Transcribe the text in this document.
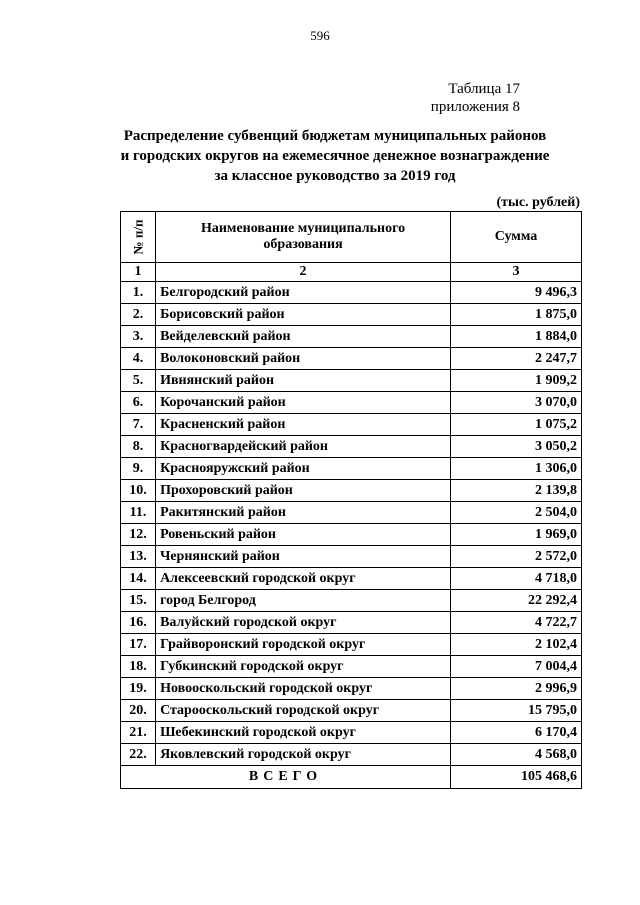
596
Таблица 17
приложения 8
Распределение субвенций бюджетам муниципальных районов
и городских округов на ежемесячное денежное вознаграждение
за классное руководство за 2019 год
(тыс. рублей)
№ п/п	Наименование муниципального образования	Сумма
1	2	3
1.	Белгородский район	9 496,3
2.	Борисовский район	1 875,0
3.	Вейделевский район	1 884,0
4.	Волоконовский район	2 247,7
5.	Ивнянский район	1 909,2
6.	Корочанский район	3 070,0
7.	Красненский район	1 075,2
8.	Красногвардейский район	3 050,2
9.	Краснояружский район	1 306,0
10.	Прохоровский район	2 139,8
11.	Ракитянский район	2 504,0
12.	Ровеньский район	1 969,0
13.	Чернянский район	2 572,0
14.	Алексеевский городской округ	4 718,0
15.	город Белгород	22 292,4
16.	Валуйский городской округ	4 722,7
17.	Грайворонский городской округ	2 102,4
18.	Губкинский городской округ	7 004,4
19.	Новооскольский городской округ	2 996,9
20.	Старооскольский городской округ	15 795,0
21.	Шебекинский городской округ	6 170,4
22.	Яковлевский городской округ	4 568,0
ВСЕГО		105 468,6
